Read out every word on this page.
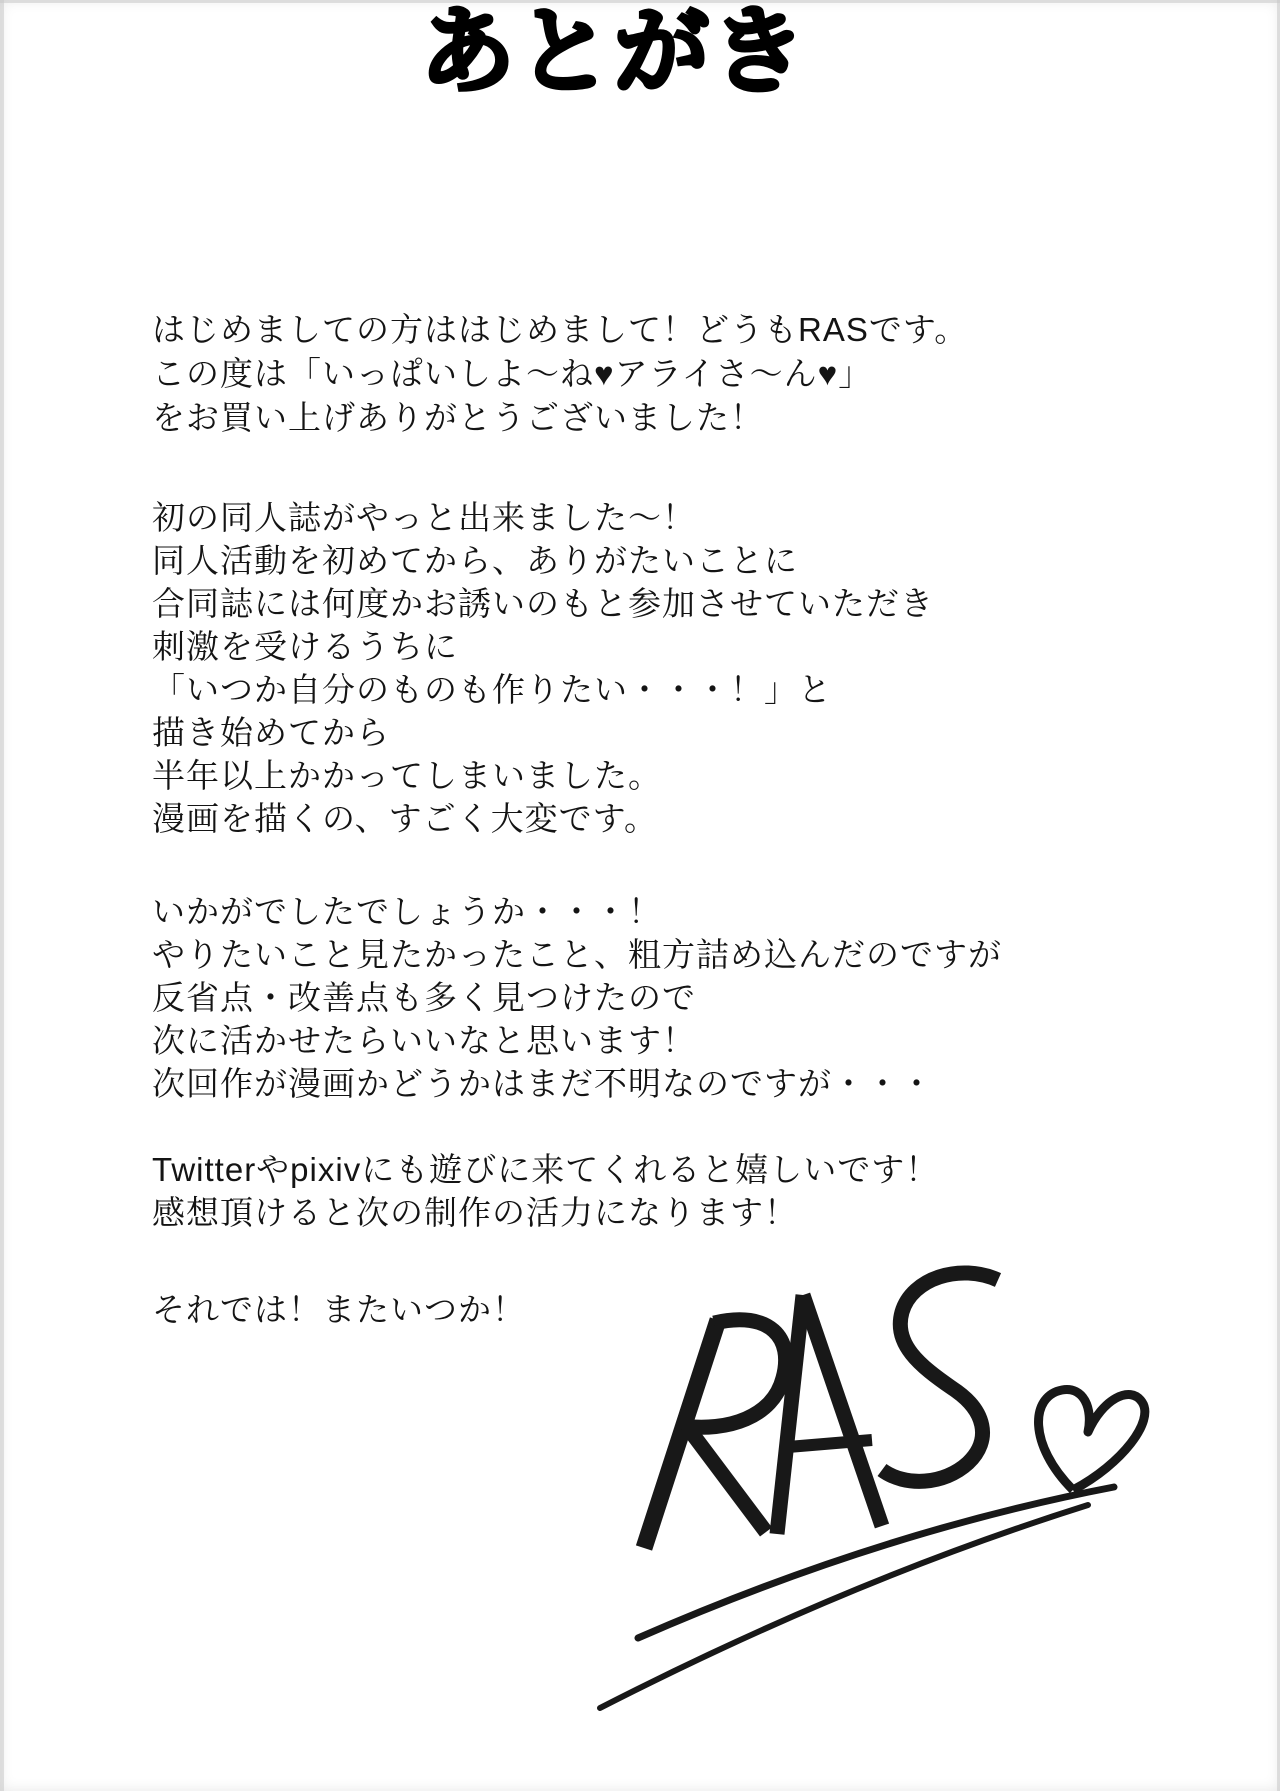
あとがき
はじめましての方ははじめまして！どうもRASです。
この度は「いっぱいしよ～ね♥アライさ～ん♥」
をお買い上げありがとうございました！
初の同人誌がやっと出来ました～！
同人活動を初めてから、ありがたいことに
合同誌には何度かお誘いのもと参加させていただき
刺激を受けるうちに
「いつか自分のものも作りたい・・・！」と
描き始めてから
半年以上かかってしまいました。
漫画を描くの、すごく大変です。
いかがでしたでしょうか・・・！
やりたいこと見たかったこと、粗方詰め込んだのですが
反省点・改善点も多く見つけたので
次に活かせたらいいなと思います！
次回作が漫画かどうかはまだ不明なのですが・・・
Twitterやpixivにも遊びに来てくれると嬉しいです！
感想頂けると次の制作の活力になります！
それでは！またいつか！
